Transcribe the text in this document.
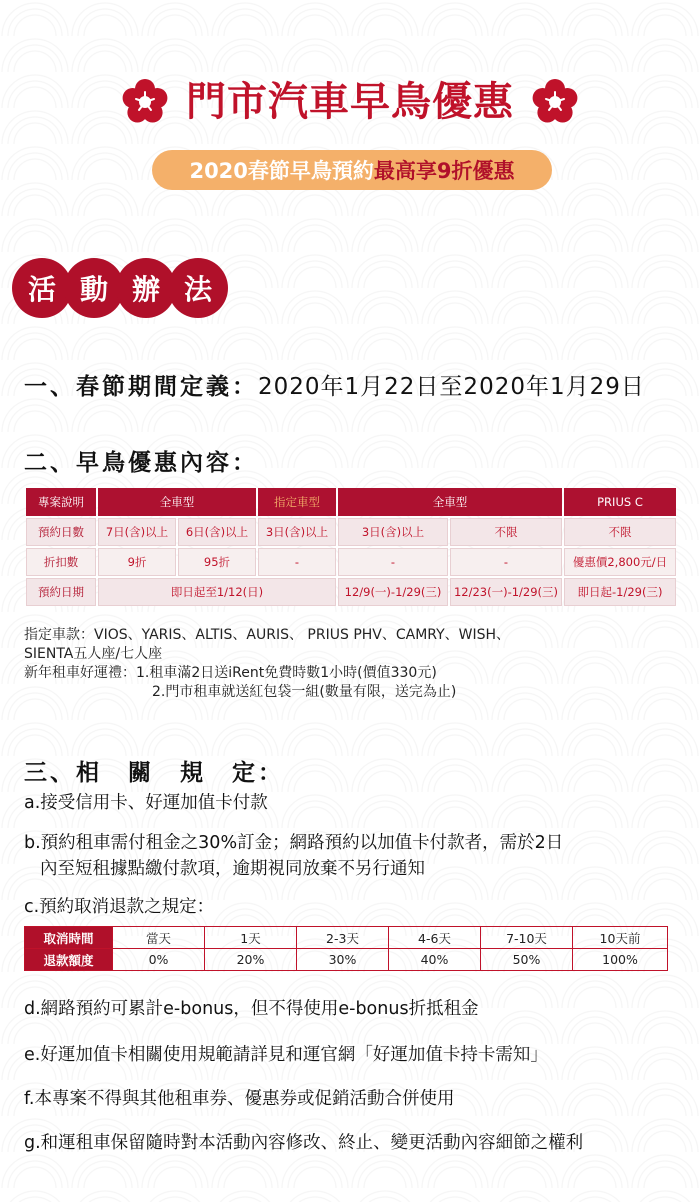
門市汽車早鳥優惠
2020春節早鳥預約 最高享9折優惠
活 動 辦 法
一、春節期間定義：2020年1月22日至2020年1月29日
二、早鳥優惠內容：
專案說明	全車型		指定車型	全車型		PRIUS C
預約日數	7日(含)以上	6日(含)以上	3日(含)以上	3日(含)以上	不限	不限
折扣數	9折	95折	-	-	-	優惠價2,800元/日
預約日期	即日起至1/12(日)			12/9(一)-1/29(三)	12/23(一)-1/29(三)	即日起-1/29(三)
指定車款：VIOS、YARIS、ALTIS、AURIS、 PRIUS PHV、CAMRY、WISH、
SIENTA五人座/七人座
新年租車好運禮：1.租車滿2日送iRent免費時數1小時(價值330元)
2.門市租車就送紅包袋一組(數量有限，送完為止)
三、相　關　規　定：
a.接受信用卡、好運加值卡付款
b.預約租車需付租金之30%訂金；網路預約以加值卡付款者，需於2日
內至短租據點繳付款項，逾期視同放棄不另行通知
c.預約取消退款之規定：
取消時間	當天	1天	2-3天	4-6天	7-10天	10天前
退款額度	0%	20%	30%	40%	50%	100%
d.網路預約可累計e-bonus，但不得使用e-bonus折抵租金
e.好運加值卡相關使用規範請詳見和運官網「好運加值卡持卡需知」
f.本專案不得與其他租車券、優惠券或促銷活動合併使用
g.和運租車保留隨時對本活動內容修改、終止、變更活動內容細節之權利
